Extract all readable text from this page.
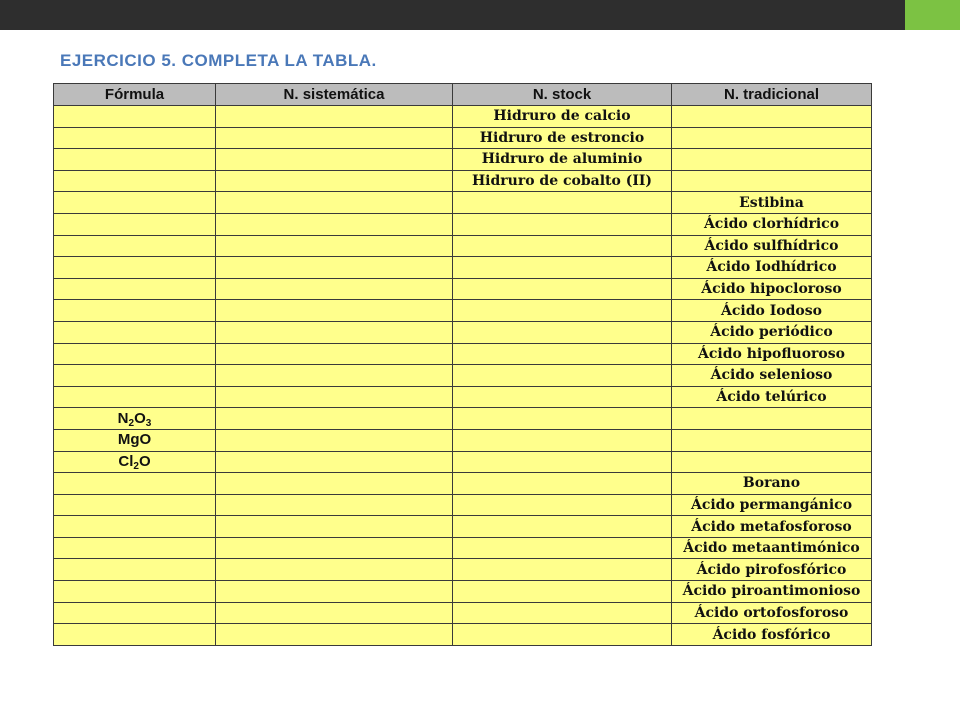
EJERCICIO 5. COMPLETA LA TABLA.
Fórmula	N. sistemática	N. stock	N. tradicional
		Hidruro de calcio	
		Hidruro de estroncio	
		Hidruro de aluminio	
		Hidruro de cobalto (II)	
			Estibina
			Ácido clorhídrico
			Ácido sulfhídrico
			Ácido Iodhídrico
			Ácido hipocloroso
			Ácido Iodoso
			Ácido periódico
			Ácido hipofluoroso
			Ácido selenioso
			Ácido telúrico
$N_2O_3$			
MgO			
$Cl_2O$			
			Borano
			Ácido permangánico
			Ácido metafosforoso
			Ácido metaantimónico
			Ácido pirofosfórico
			Ácido piroantimonioso
			Ácido ortofosforoso
			Ácido fosfórico
